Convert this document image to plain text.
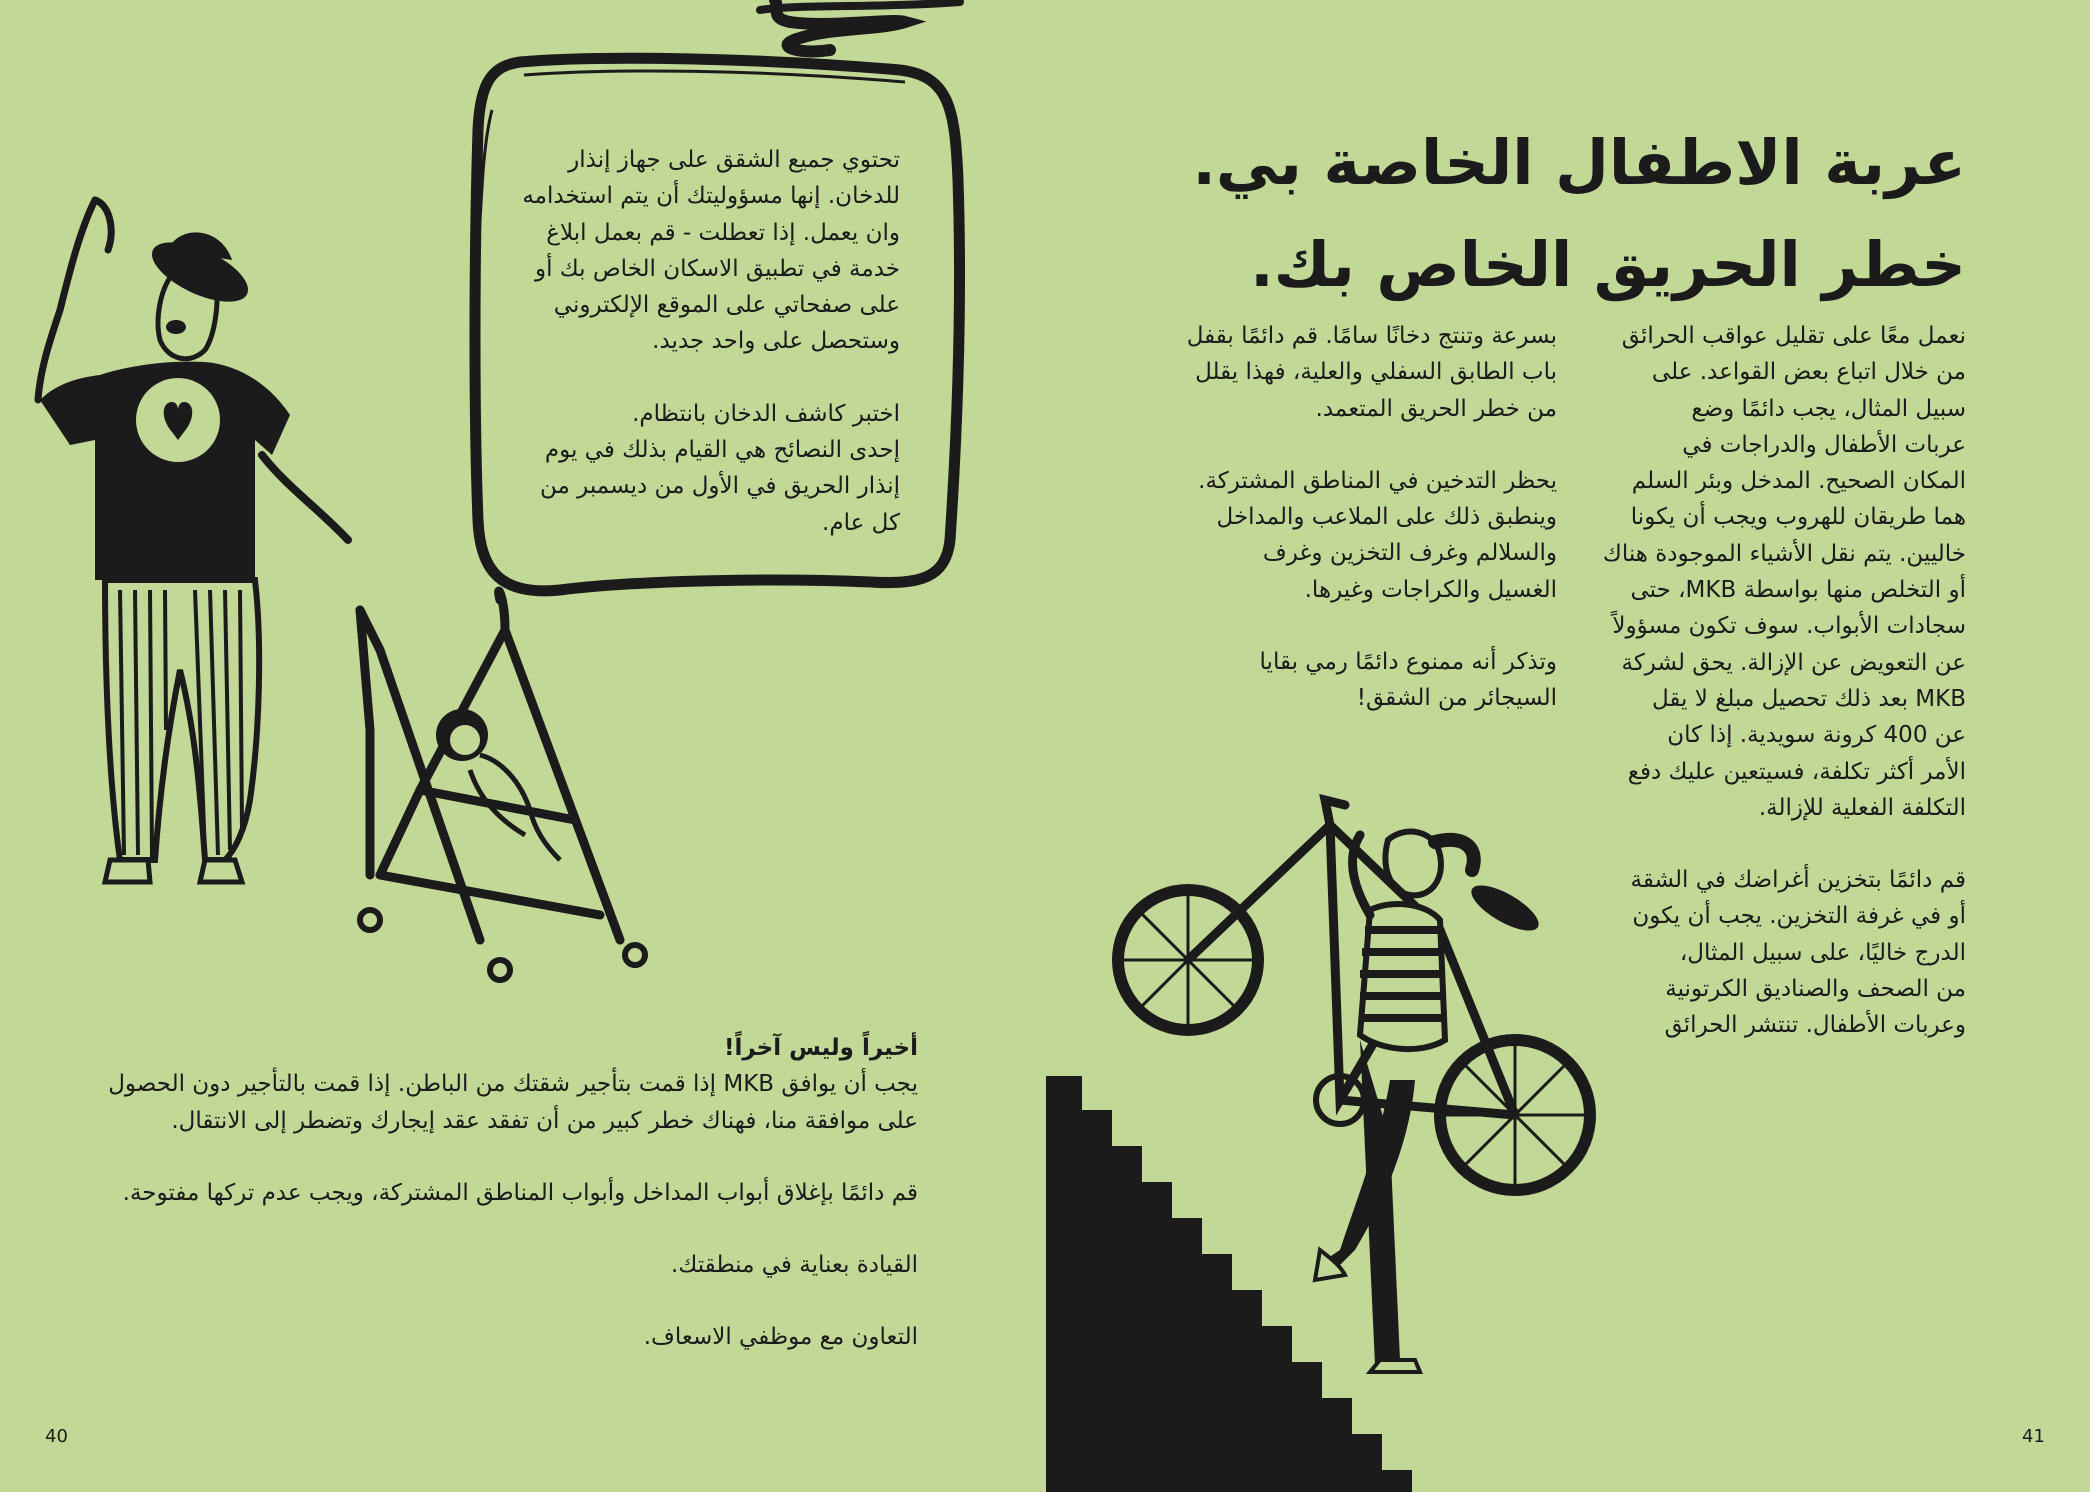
عربة الاطفال الخاصة بي.
خطر الحريق الخاص بك.

نعمل معًا على تقليل عواقب الحرائق
من خلال اتباع بعض القواعد. على
سبيل المثال، يجب دائمًا وضع
عربات الأطفال والدراجات في
المكان الصحيح. المدخل وبئر السلم
هما طريقان للهروب ويجب أن يكونا
خاليين. يتم نقل الأشياء الموجودة هناك
أو التخلص منها بواسطة MKB، حتى
سجادات الأبواب. سوف تكون مسؤولاً
عن التعويض عن الإزالة. يحق لشركة
MKB بعد ذلك تحصيل مبلغ لا يقل
عن 400 كرونة سويدية. إذا كان
الأمر أكثر تكلفة، فسيتعين عليك دفع
التكلفة الفعلية للإزالة.

قم دائمًا بتخزين أغراضك في الشقة
أو في غرفة التخزين. يجب أن يكون
الدرج خاليًا، على سبيل المثال،
من الصحف والصناديق الكرتونية
وعربات الأطفال. تنتشر الحرائق

بسرعة وتنتج دخانًا سامًا. قم دائمًا بقفل
باب الطابق السفلي والعلية، فهذا يقلل
من خطر الحريق المتعمد.

يحظر التدخين في المناطق المشتركة.
وينطبق ذلك على الملاعب والمداخل
والسلالم وغرف التخزين وغرف
الغسيل والكراجات وغيرها.

وتذكر أنه ممنوع دائمًا رمي بقايا
السيجائر من الشقق!

تحتوي جميع الشقق على جهاز إنذار
للدخان. إنها مسؤوليتك أن يتم استخدامه
وان يعمل. إذا تعطلت - قم بعمل ابلاغ
خدمة في تطبيق الاسكان الخاص بك أو
على صفحاتي على الموقع الإلكتروني
وستحصل على واحد جديد.

اختبر كاشف الدخان بانتظام.
إحدى النصائح هي القيام بذلك في يوم
إنذار الحريق في الأول من ديسمبر من
كل عام.

أخيراً وليس آخراً!

يجب أن يوافق MKB إذا قمت بتأجير شقتك من الباطن. إذا قمت بالتأجير دون الحصول
على موافقة منا، فهناك خطر كبير من أن تفقد عقد إيجارك وتضطر إلى الانتقال.

قم دائمًا بإغلاق أبواب المداخل وأبواب المناطق المشتركة، ويجب عدم تركها مفتوحة.

القيادة بعناية في منطقتك.

التعاون مع موظفي الاسعاف.

40	41
